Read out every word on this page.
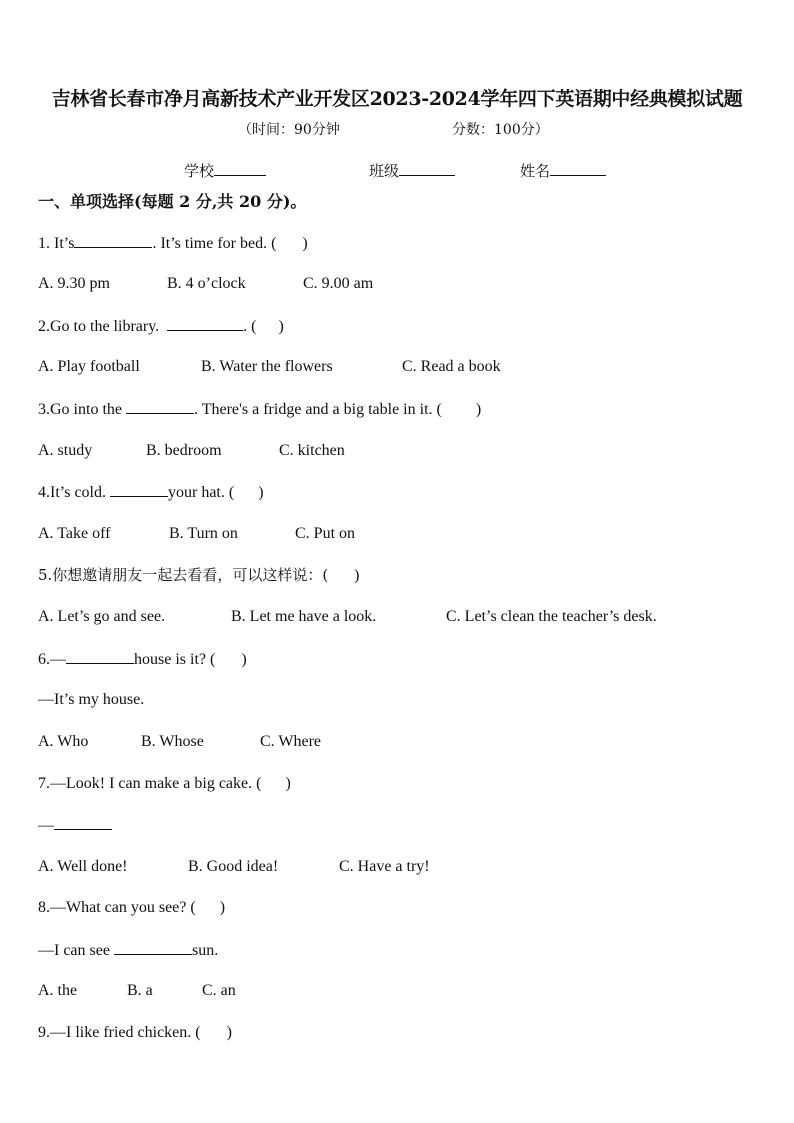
吉林省长春市净月高新技术产业开发区2023-2024学年四下英语期中经典模拟试题
（时间：90分钟	分数：100分）
学校	班级	姓名
一、单项选择(每题 2 分,共 20 分)。
1. It’s	. It’s time for bed. ( )
A. 9.30 pm	B. 4 o’clock	C. 9.00 am
2.Go to the library.	. ( )
A. Play football	B. Water the flowers	C. Read a book
3.Go into the	. There's a fridge and a big table in it. ( )
A. study	B. bedroom	C. kitchen
4.It’s cold.	your hat. ( )
A. Take off	B. Turn on	C. Put on
5.你想邀请朋友一起去看看，可以这样说：( )
A. Let’s go and see.	B. Let me have a look.	C. Let’s clean the teacher’s desk.
6.—	house is it? ( )
—It’s my house.
A. Who	B. Whose	C. Where
7.—Look! I can make a big cake. ( )
—
A. Well done!	B. Good idea!	C. Have a try!
8.—What can you see? ( )
—I can see	sun.
A. the	B. a	C. an
9.—I like fried chicken. ( )
